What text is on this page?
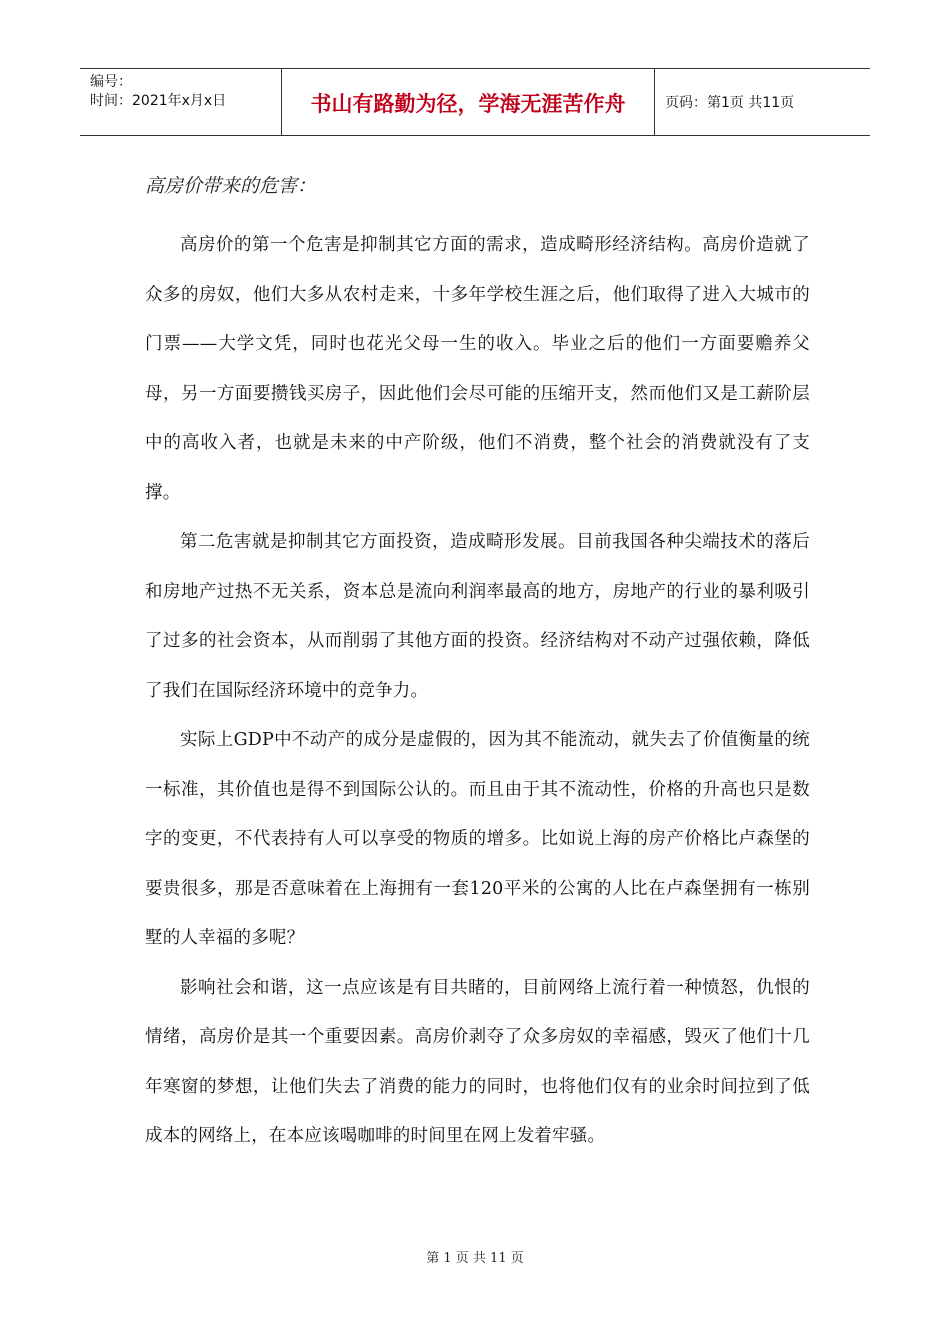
编号：
时间：2021年x月x日	书山有路勤为径，学海无涯苦作舟	页码：第1页 共11页
高房价带来的危害：

高房价的第一个危害是抑制其它方面的需求，造成畸形经济结构。高房价造就了众多的房奴，他们大多从农村走来，十多年学校生涯之后，他们取得了进入大城市的门票——大学文凭，同时也花光父母一生的收入。毕业之后的他们一方面要赡养父母，另一方面要攒钱买房子，因此他们会尽可能的压缩开支，然而他们又是工薪阶层中的高收入者，也就是未来的中产阶级，他们不消费，整个社会的消费就没有了支撑。

第二危害就是抑制其它方面投资，造成畸形发展。目前我国各种尖端技术的落后和房地产过热不无关系，资本总是流向利润率最高的地方，房地产的行业的暴利吸引了过多的社会资本，从而削弱了其他方面的投资。经济结构对不动产过强依赖，降低了我们在国际经济环境中的竞争力。

实际上GDP中不动产的成分是虚假的，因为其不能流动，就失去了价值衡量的统一标准，其价值也是得不到国际公认的。而且由于其不流动性，价格的升高也只是数字的变更，不代表持有人可以享受的物质的增多。比如说上海的房产价格比卢森堡的要贵很多，那是否意味着在上海拥有一套120平米的公寓的人比在卢森堡拥有一栋别墅的人幸福的多呢？

影响社会和谐，这一点应该是有目共睹的，目前网络上流行着一种愤怒，仇恨的情绪，高房价是其一个重要因素。高房价剥夺了众多房奴的幸福感，毁灭了他们十几年寒窗的梦想，让他们失去了消费的能力的同时，也将他们仅有的业余时间拉到了低成本的网络上，在本应该喝咖啡的时间里在网上发着牢骚。

第 1 页 共 11 页
